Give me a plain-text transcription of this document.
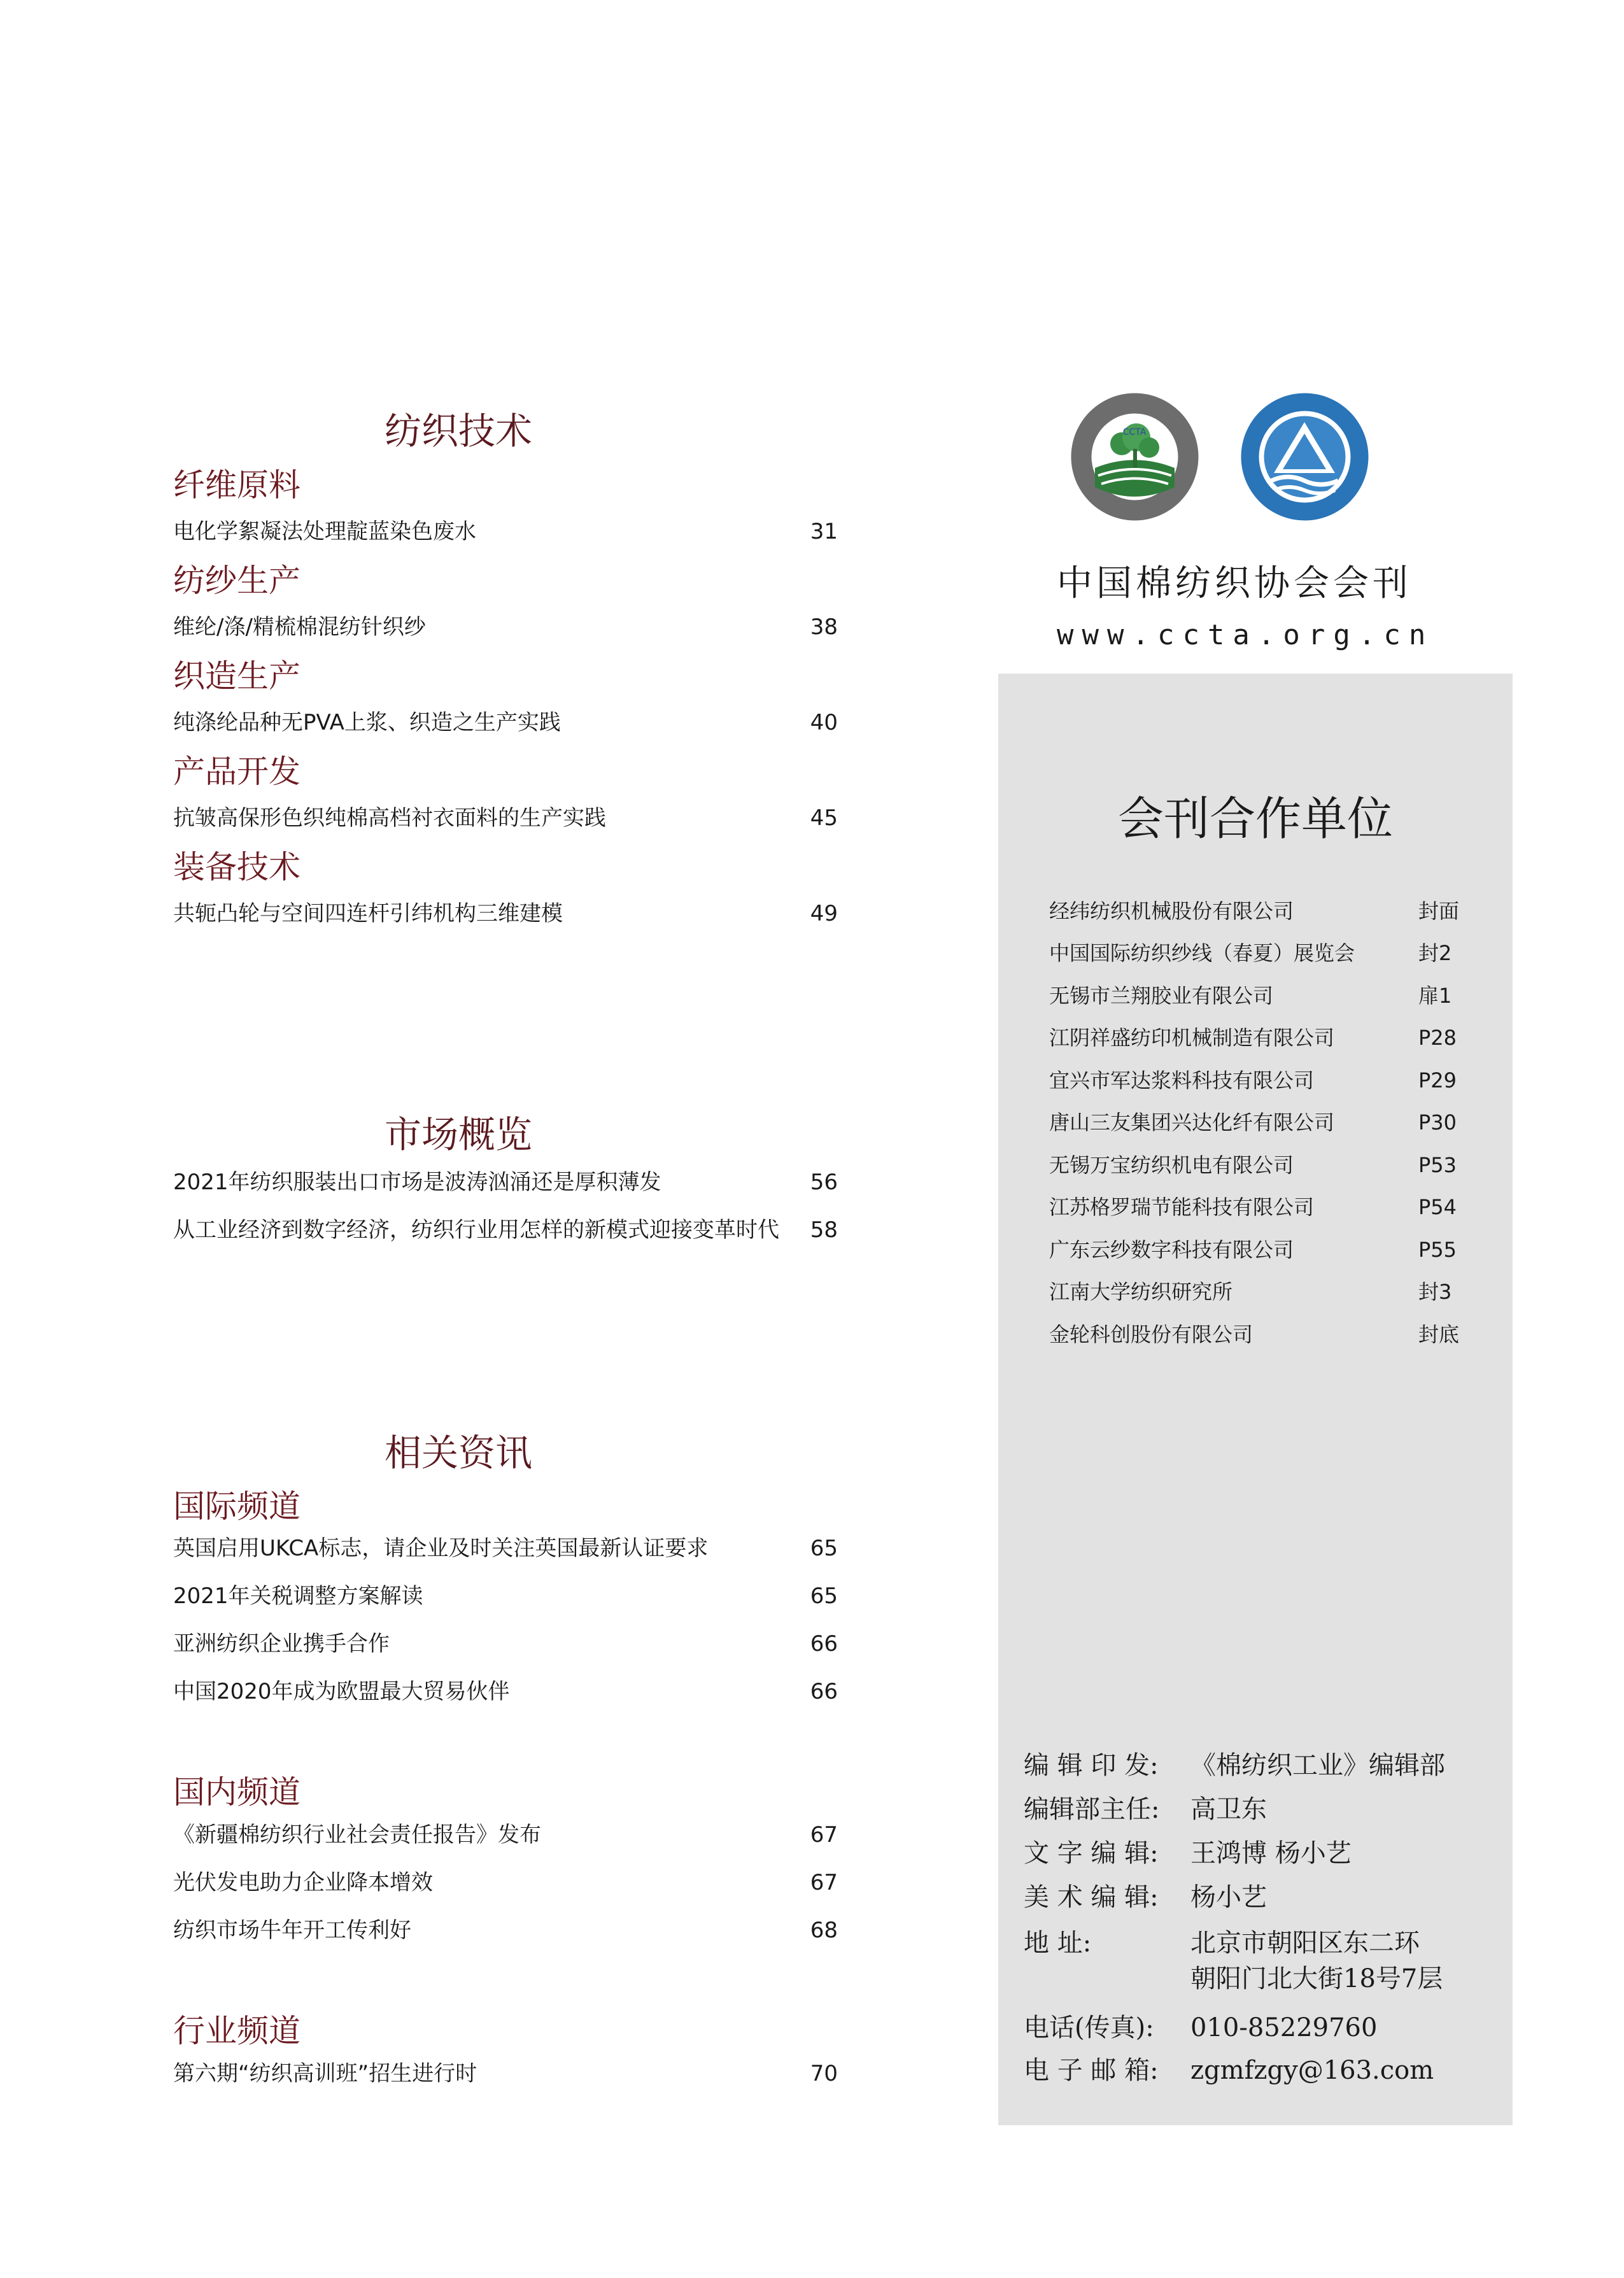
纺织技术
纤维原料
电化学絮凝法处理靛蓝染色废水	31
纺纱生产
维纶/涤/精梳棉混纺针织纱	38
织造生产
纯涤纶品种无PVA上浆、织造之生产实践	40
产品开发
抗皱高保形色织纯棉高档衬衣面料的生产实践	45
装备技术
共轭凸轮与空间四连杆引纬机构三维建模	49
市场概览
2021年纺织服装出口市场是波涛汹涌还是厚积薄发	56
从工业经济到数字经济，纺织行业用怎样的新模式迎接变革时代 58
相关资讯
国际频道
英国启用UKCA标志，请企业及时关注英国最新认证要求	65
2021年关税调整方案解读	65
亚洲纺织企业携手合作	66
中国2020年成为欧盟最大贸易伙伴	66
国内频道
《新疆棉纺织行业社会责任报告》发布	67
光伏发电助力企业降本增效	67
纺织市场牛年开工传利好	68
行业频道
第六期“纺织高训班”招生进行时	70
CCTA
中国棉纺织协会会刊
www.ccta.org.cn
会刊合作单位
经纬纺织机械股份有限公司	封面
中国国际纺织纱线（春夏）展览会	封2
无锡市兰翔胶业有限公司	扉1
江阴祥盛纺印机械制造有限公司	P28
宜兴市军达浆料科技有限公司	P29
唐山三友集团兴达化纤有限公司	P30
无锡万宝纺织机电有限公司	P53
江苏格罗瑞节能科技有限公司	P54
广东云纱数字科技有限公司	P55
江南大学纺织研究所	封3
金轮科创股份有限公司	封底
编 辑 印 发: 《棉纺织工业》编辑部
编辑部主任: 高卫东
文 字 编 辑: 王鸿博 杨小艺
美 术 编 辑: 杨小艺
地 址:	北京市朝阳区东二环
朝阳门北大街18号7层
电话(传真): 010-85229760
电 子 邮 箱: zgmfzgy@163.com
